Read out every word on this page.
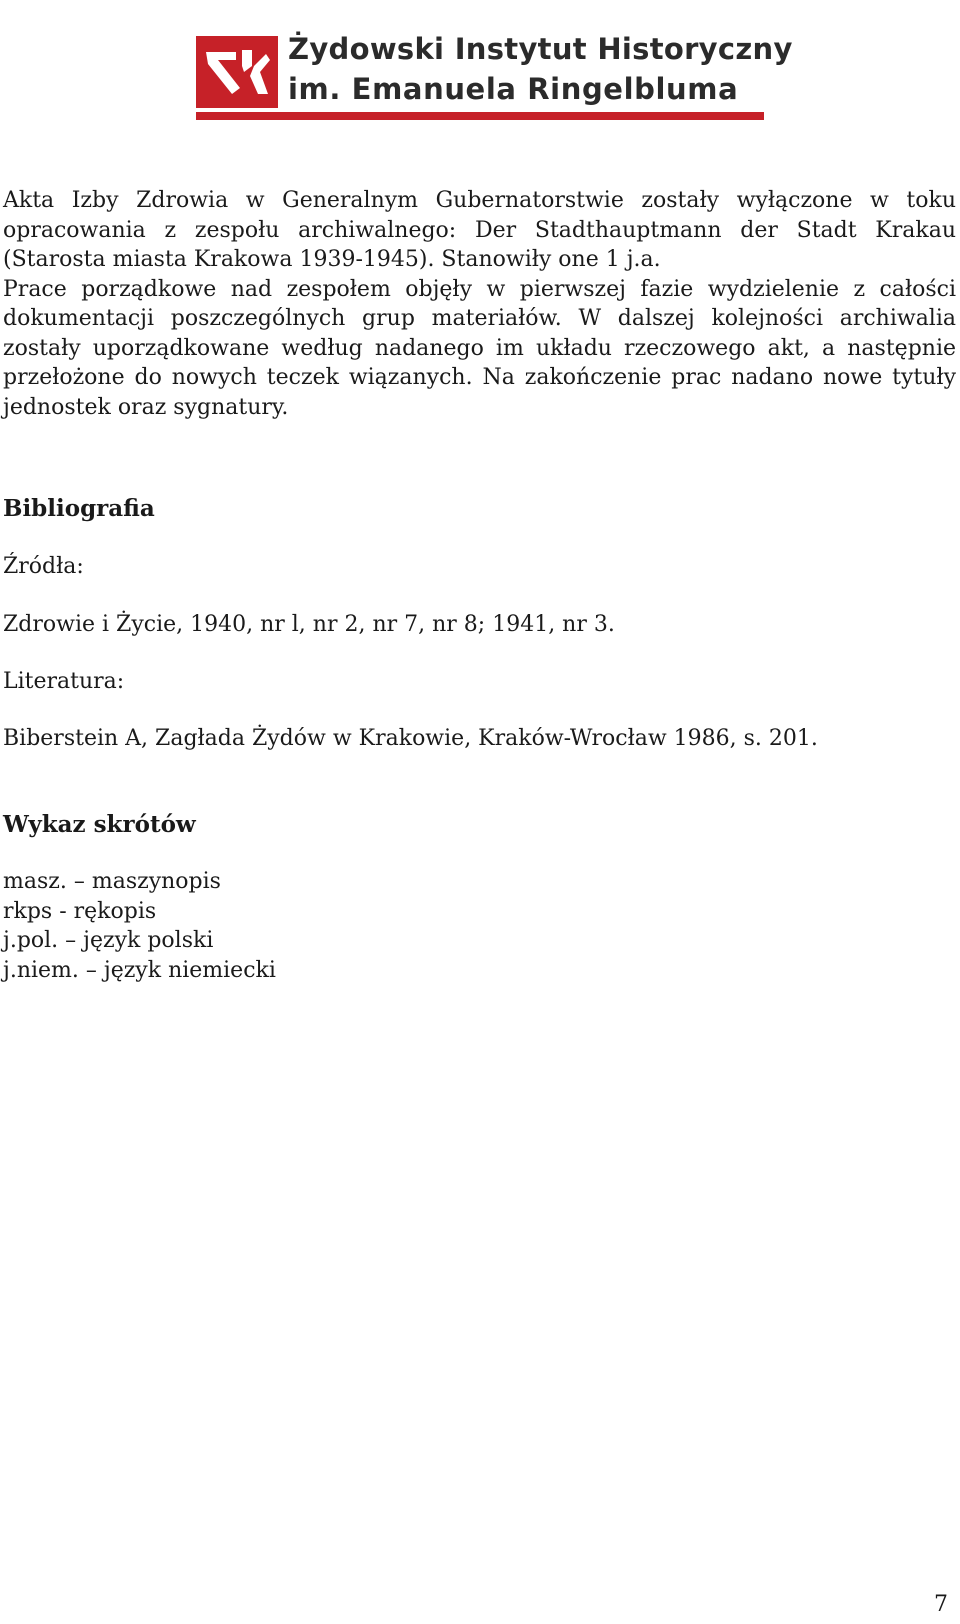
Żydowski Instytut Historyczny
im. Emanuela Ringelbluma

Akta Izby Zdrowia w Generalnym Gubernatorstwie zostały wyłączone w toku opracowania z zespołu archiwalnego: Der Stadthauptmann der Stadt Krakau (Starosta miasta Krakowa 1939-1945). Stanowiły one 1 j.a.

Prace porządkowe nad zespołem objęły w pierwszej fazie wydzielenie z całości dokumentacji poszczególnych grup materiałów. W dalszej kolejności archiwalia zostały uporządkowane według nadanego im układu rzeczowego akt, a następnie przełożone do nowych teczek wiązanych. Na zakończenie prac nadano nowe tytuły jednostek oraz sygnatury.

Bibliografia
Źródła:
Zdrowie i Życie, 1940, nr l, nr 2, nr 7, nr 8; 1941, nr 3.
Literatura:
Biberstein A, Zagłada Żydów w Krakowie, Kraków-Wrocław 1986, s. 201.
Wykaz skrótów
masz. – maszynopis
rkps - rękopis
j.pol. – język polski
j.niem. – język niemiecki
7
